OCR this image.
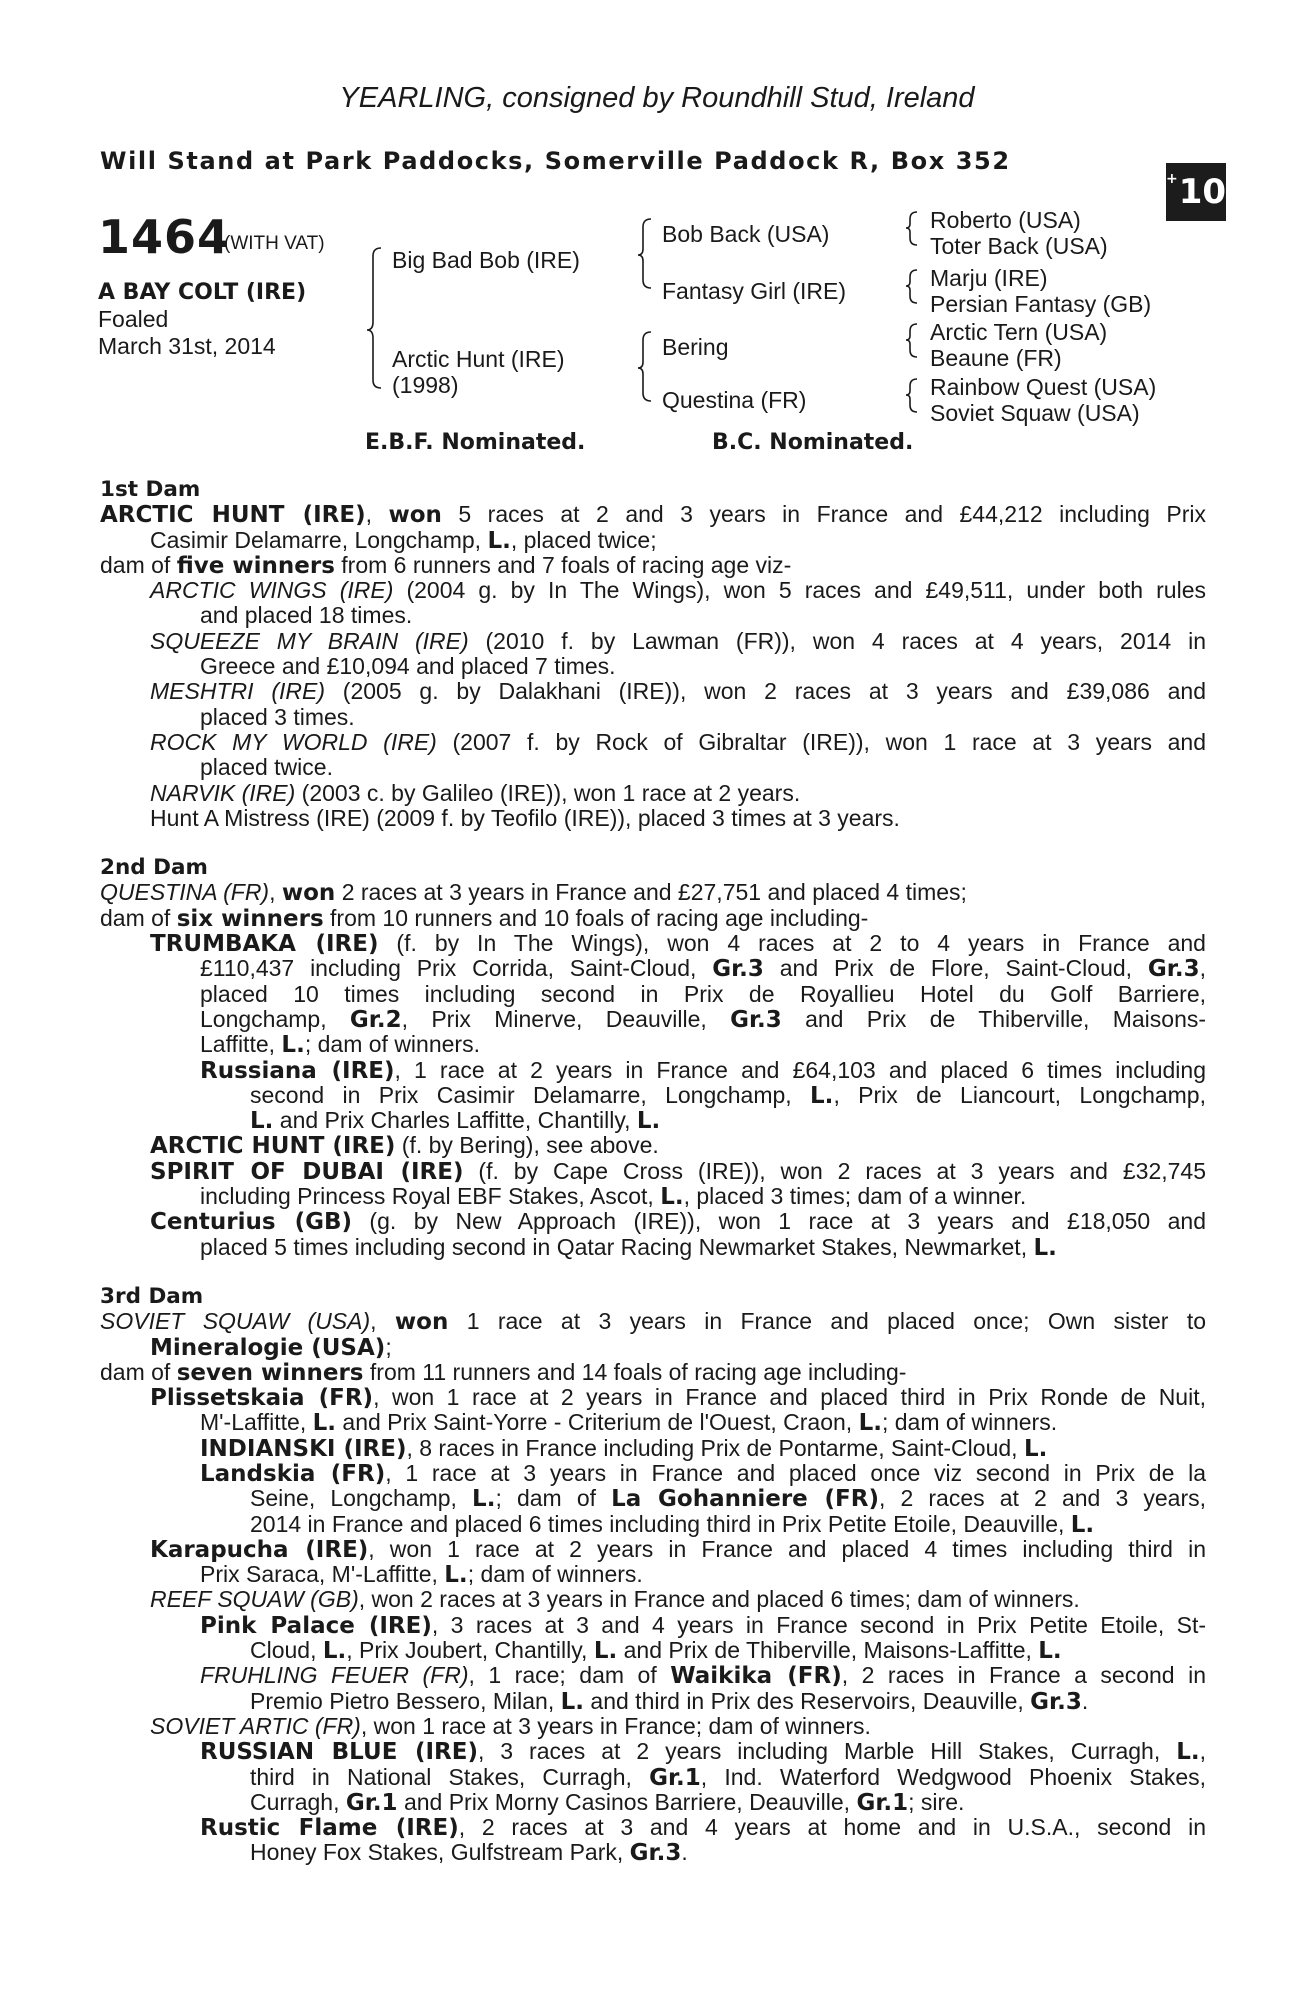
YEARLING, consigned by Roundhill Stud, Ireland
Will Stand at Park Paddocks, Somerville Paddock R, Box 352
+ 10
1464
(WITH VAT)
A BAY COLT (IRE)
Foaled
March 31st, 2014
Big Bad Bob (IRE)
Arctic Hunt (IRE)
(1998)
Bob Back (USA)
Fantasy Girl (IRE)
Bering
Questina (FR)
Roberto (USA)
Toter Back (USA)
Marju (IRE)
Persian Fantasy (GB)
Arctic Tern (USA)
Beaune (FR)
Rainbow Quest (USA)
Soviet Squaw (USA)
E.B.F. Nominated.	B.C. Nominated.
1st Dam
ARCTIC HUNT (IRE), won 5 races at 2 and 3 years in France and £44,212 including Prix
Casimir Delamarre, Longchamp, L., placed twice;
dam of five winners from 6 runners and 7 foals of racing age viz-
ARCTIC WINGS (IRE) (2004 g. by In The Wings), won 5 races and £49,511, under both rules
and placed 18 times.
SQUEEZE MY BRAIN (IRE) (2010 f. by Lawman (FR)), won 4 races at 4 years, 2014 in
Greece and £10,094 and placed 7 times.
MESHTRI (IRE) (2005 g. by Dalakhani (IRE)), won 2 races at 3 years and £39,086 and
placed 3 times.
ROCK MY WORLD (IRE) (2007 f. by Rock of Gibraltar (IRE)), won 1 race at 3 years and
placed twice.
NARVIK (IRE) (2003 c. by Galileo (IRE)), won 1 race at 2 years.
Hunt A Mistress (IRE) (2009 f. by Teofilo (IRE)), placed 3 times at 3 years.
2nd Dam
QUESTINA (FR), won 2 races at 3 years in France and £27,751 and placed 4 times;
dam of six winners from 10 runners and 10 foals of racing age including-
TRUMBAKA (IRE) (f. by In The Wings), won 4 races at 2 to 4 years in France and
£110,437 including Prix Corrida, Saint-Cloud, Gr.3 and Prix de Flore, Saint-Cloud, Gr.3,
placed 10 times including second in Prix de Royallieu Hotel du Golf Barriere,
Longchamp, Gr.2, Prix Minerve, Deauville, Gr.3 and Prix de Thiberville, Maisons-
Laffitte, L.; dam of winners.
Russiana (IRE), 1 race at 2 years in France and £64,103 and placed 6 times including
second in Prix Casimir Delamarre, Longchamp, L., Prix de Liancourt, Longchamp,
L. and Prix Charles Laffitte, Chantilly, L.
ARCTIC HUNT (IRE) (f. by Bering), see above.
SPIRIT OF DUBAI (IRE) (f. by Cape Cross (IRE)), won 2 races at 3 years and £32,745
including Princess Royal EBF Stakes, Ascot, L., placed 3 times; dam of a winner.
Centurius (GB) (g. by New Approach (IRE)), won 1 race at 3 years and £18,050 and
placed 5 times including second in Qatar Racing Newmarket Stakes, Newmarket, L.
3rd Dam
SOVIET SQUAW (USA), won 1 race at 3 years in France and placed once; Own sister to
Mineralogie (USA);
dam of seven winners from 11 runners and 14 foals of racing age including-
Plissetskaia (FR), won 1 race at 2 years in France and placed third in Prix Ronde de Nuit,
M'-Laffitte, L. and Prix Saint-Yorre - Criterium de l'Ouest, Craon, L.; dam of winners.
INDIANSKI (IRE), 8 races in France including Prix de Pontarme, Saint-Cloud, L.
Landskia (FR), 1 race at 3 years in France and placed once viz second in Prix de la
Seine, Longchamp, L.; dam of La Gohanniere (FR), 2 races at 2 and 3 years,
2014 in France and placed 6 times including third in Prix Petite Etoile, Deauville, L.
Karapucha (IRE), won 1 race at 2 years in France and placed 4 times including third in
Prix Saraca, M'-Laffitte, L.; dam of winners.
REEF SQUAW (GB), won 2 races at 3 years in France and placed 6 times; dam of winners.
Pink Palace (IRE), 3 races at 3 and 4 years in France second in Prix Petite Etoile, St-
Cloud, L., Prix Joubert, Chantilly, L. and Prix de Thiberville, Maisons-Laffitte, L.
FRUHLING FEUER (FR), 1 race; dam of Waikika (FR), 2 races in France a second in
Premio Pietro Bessero, Milan, L. and third in Prix des Reservoirs, Deauville, Gr.3.
SOVIET ARTIC (FR), won 1 race at 3 years in France; dam of winners.
RUSSIAN BLUE (IRE), 3 races at 2 years including Marble Hill Stakes, Curragh, L.,
third in National Stakes, Curragh, Gr.1, Ind. Waterford Wedgwood Phoenix Stakes,
Curragh, Gr.1 and Prix Morny Casinos Barriere, Deauville, Gr.1; sire.
Rustic Flame (IRE), 2 races at 3 and 4 years at home and in U.S.A., second in
Honey Fox Stakes, Gulfstream Park, Gr.3.
